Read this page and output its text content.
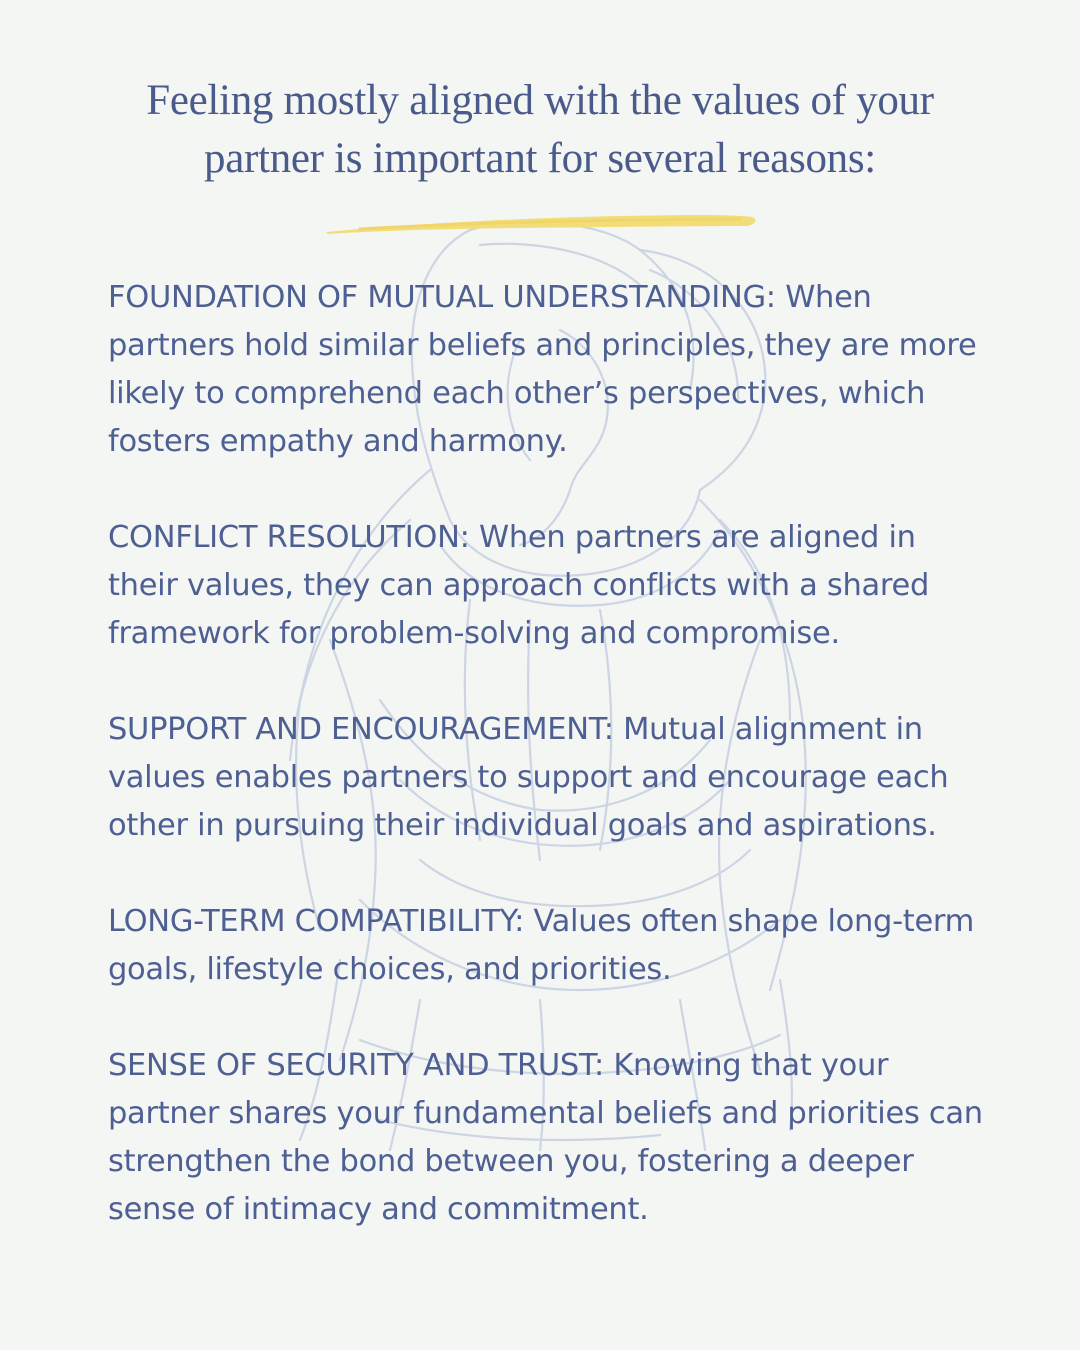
Feeling mostly aligned with the values of your
partner is important for several reasons:

FOUNDATION OF MUTUAL UNDERSTANDING: When partners hold similar beliefs and principles, they are more likely to comprehend each other’s perspectives, which fosters empathy and harmony.

CONFLICT RESOLUTION: When partners are aligned in their values, they can approach conflicts with a shared framework for problem-solving and compromise.

SUPPORT AND ENCOURAGEMENT: Mutual alignment in values enables partners to support and encourage each other in pursuing their individual goals and aspirations.

LONG-TERM COMPATIBILITY: Values often shape long-term goals, lifestyle choices, and priorities.

SENSE OF SECURITY AND TRUST: Knowing that your partner shares your fundamental beliefs and priorities can strengthen the bond between you, fostering a deeper sense of intimacy and commitment.
